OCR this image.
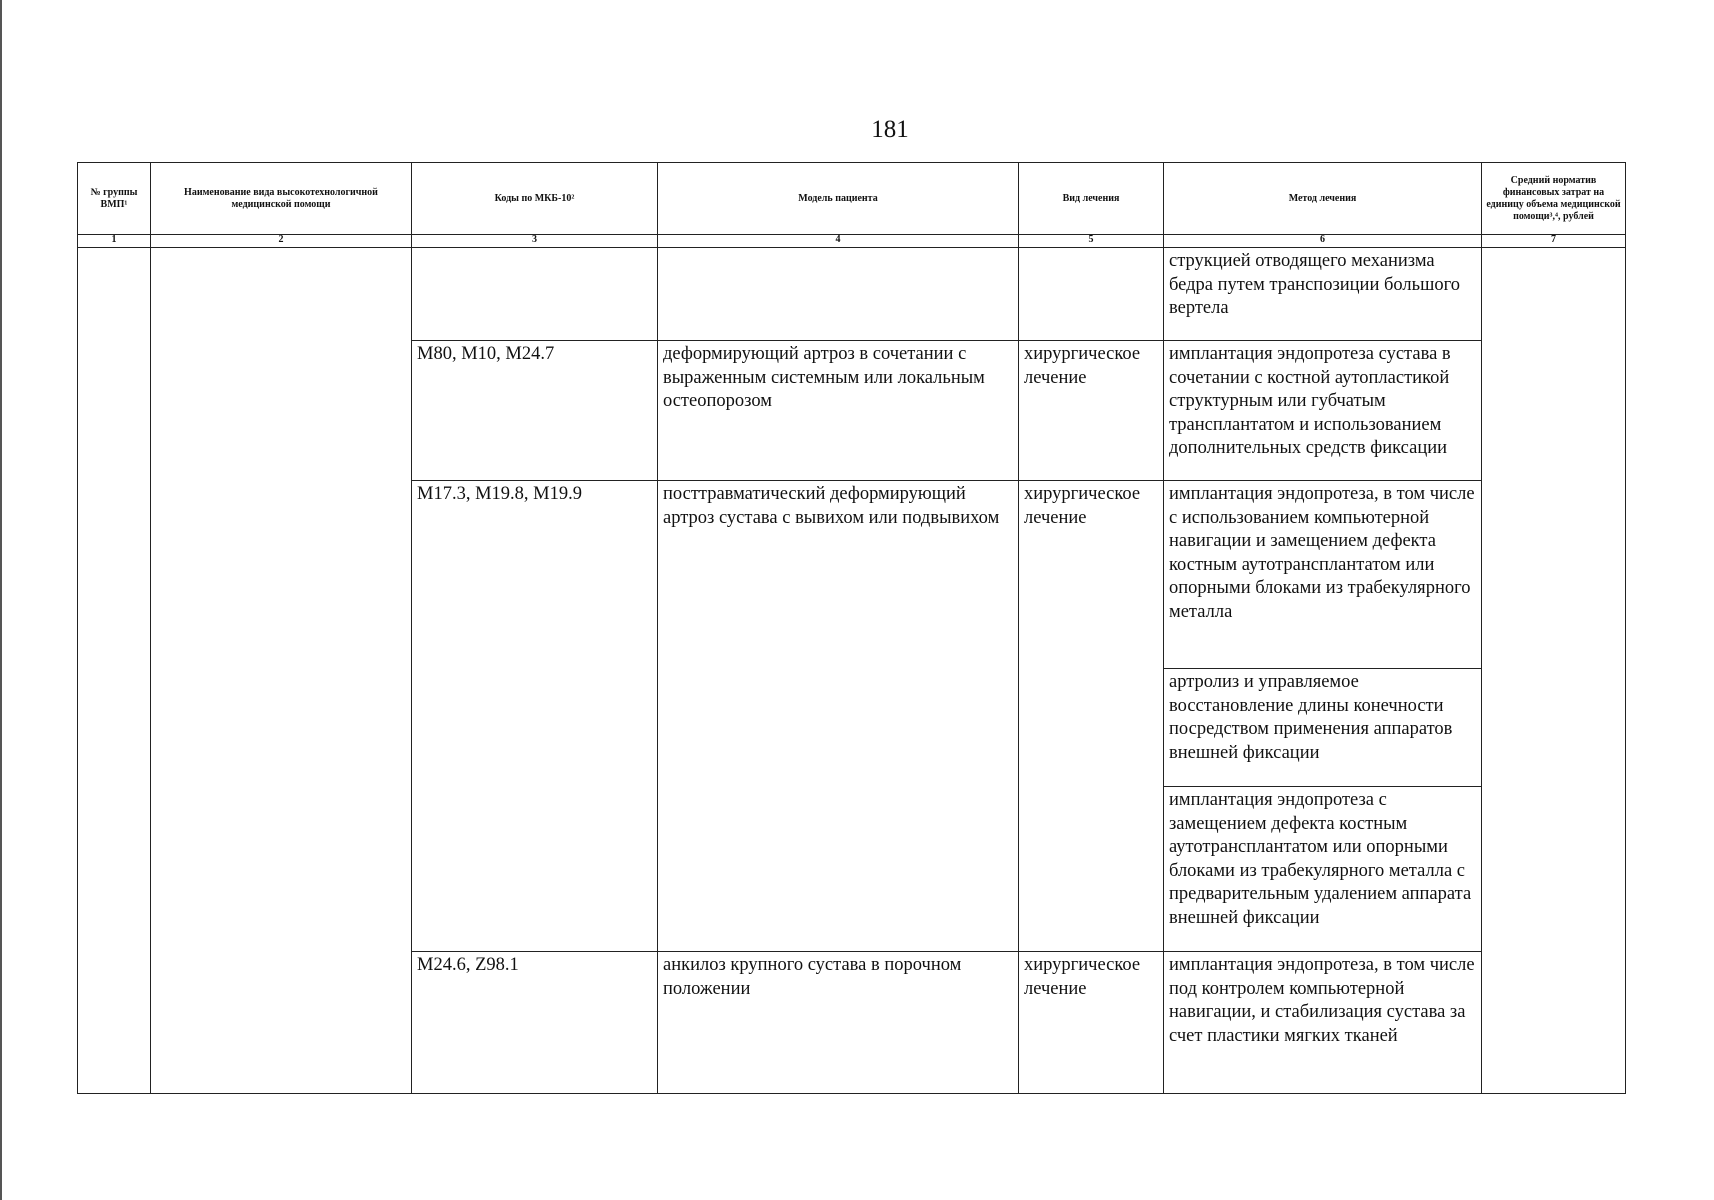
181
№ группы ВМП¹	Наименование вида высокотехнологичной медицинской помощи	Коды по МКБ-10²	Модель пациента	Вид лечения	Метод лечения	Средний норматив финансовых затрат на единицу объема медицинской помощи³,⁴, рублей
1	2	3	4	5	6	7
					струкцией отводящего механизма бедра путем транспозиции большого вертела	
		M80, M10, M24.7	деформирующий артроз в сочетании с выраженным системным или локальным остеопорозом	хирургическое лечение	имплантация эндопротеза сустава в сочетании с костной аутопластикой структурным или губчатым трансплантатом и использованием дополнительных средств фиксации	
		M17.3, M19.8, M19.9	посттравматический деформирующий артроз сустава с вывихом или подвывихом	хирургическое лечение	имплантация эндопротеза, в том числе с использованием компьютерной навигации и замещением дефекта костным аутотрансплантатом или опорными блоками из трабекулярного металла	
					артролиз и управляемое восстановление длины конечности посредством применения аппаратов внешней фиксации	
					имплантация эндопротеза с замещением дефекта костным аутотрансплантатом или опорными блоками из трабекулярного металла с предварительным удалением аппарата внешней фиксации	
		M24.6, Z98.1	анкилоз крупного сустава в порочном положении	хирургическое лечение	имплантация эндопротеза, в том числе под контролем компьютерной навигации, и стабилизация сустава за счет пластики мягких тканей	
